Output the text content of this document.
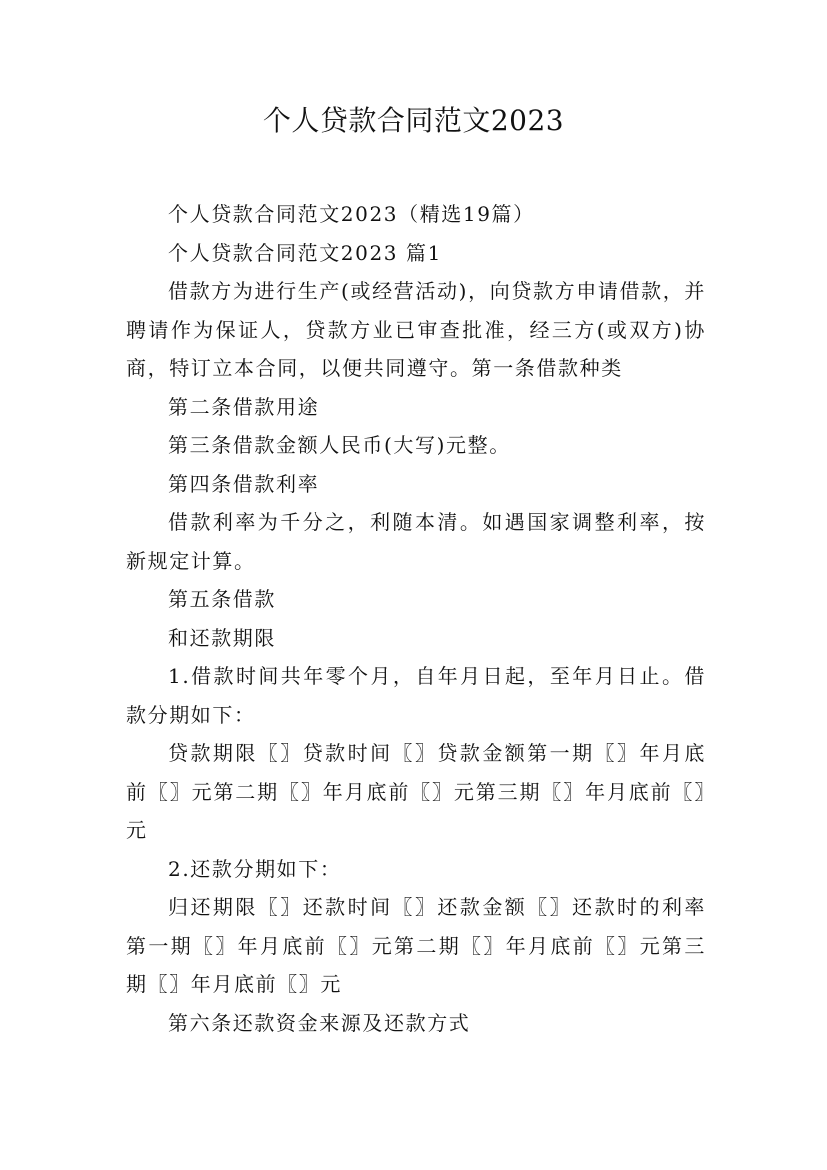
个人贷款合同范文2023

个人贷款合同范文2023（精选19篇）

个人贷款合同范文2023 篇1

借款方为进行生产(或经营活动)，向贷款方申请借款，并聘请作为保证人，贷款方业已审查批准，经三方(或双方)协商，特订立本合同，以便共同遵守。第一条借款种类

第二条借款用途

第三条借款金额人民币(大写)元整。

第四条借款利率

借款利率为千分之，利随本清。如遇国家调整利率，按新规定计算。

第五条借款

和还款期限

1.借款时间共年零个月，自年月日起，至年月日止。借款分期如下：

贷款期限〖〗贷款时间〖〗贷款金额第一期〖〗年月底前〖〗元第二期〖〗年月底前〖〗元第三期〖〗年月底前〖〗元

2.还款分期如下：

归还期限〖〗还款时间〖〗还款金额〖〗还款时的利率第一期〖〗年月底前〖〗元第二期〖〗年月底前〖〗元第三期〖〗年月底前〖〗元

第六条还款资金来源及还款方式
